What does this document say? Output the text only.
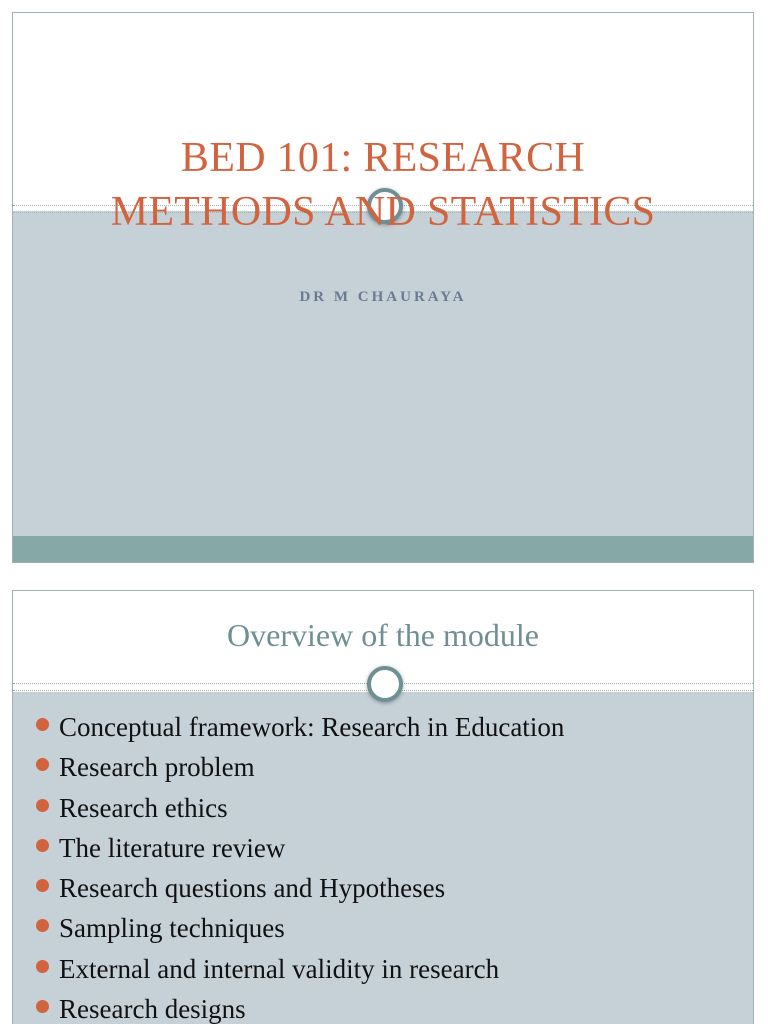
BED 101: RESEARCH
METHODS AND STATISTICS
DR M CHAURAYA
Overview of the module
Conceptual framework: Research in Education
Research problem
Research ethics
The literature review
Research questions and Hypotheses
Sampling techniques
External and internal validity in research
Research designs
